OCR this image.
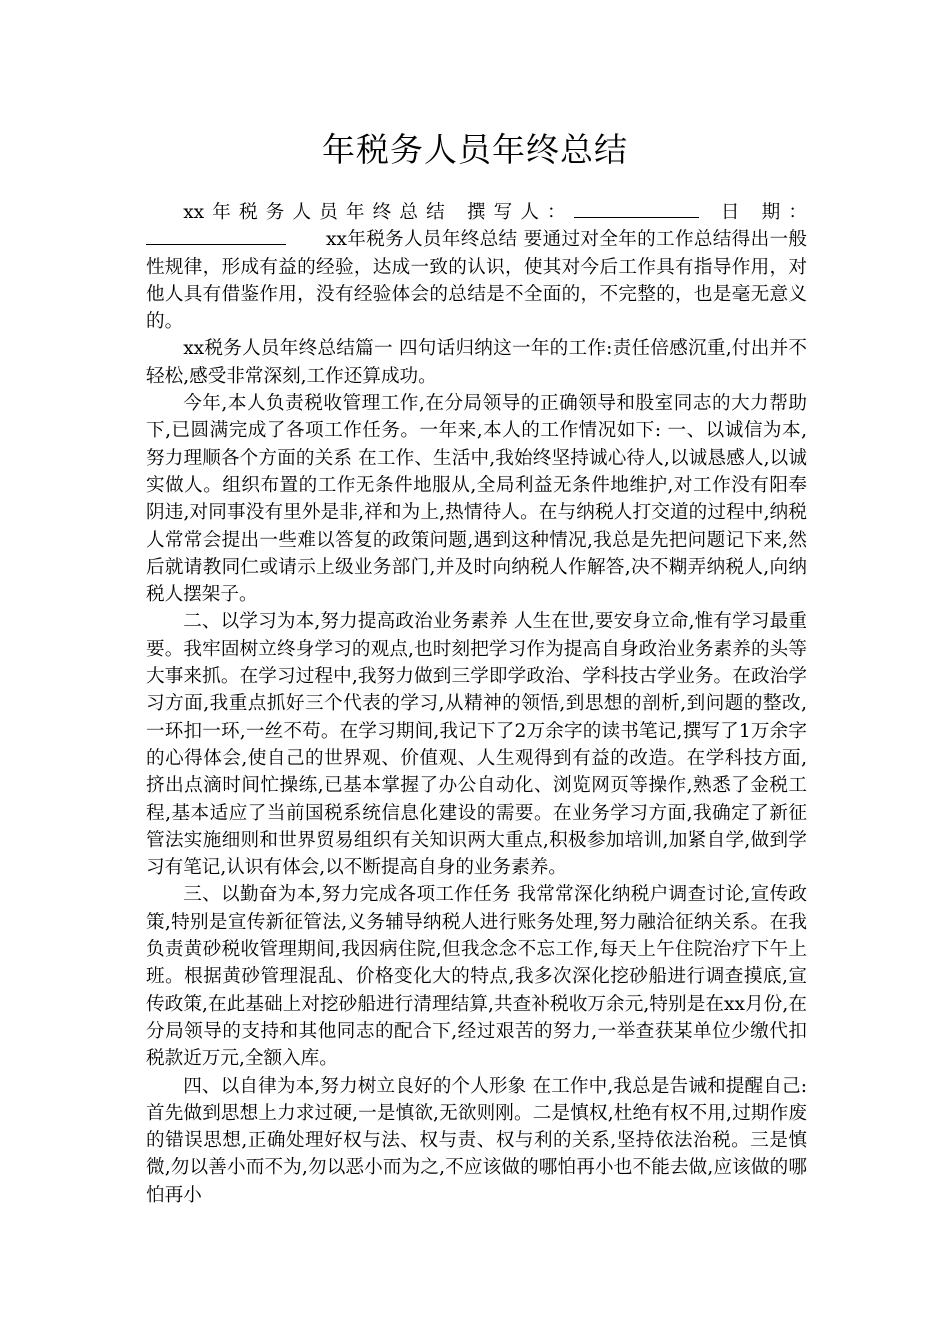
年税务人员年终总结

xx年税务人员年终总结 撰写人：	日 期：xx年税务人员年终总结 要通过对全年的工作总结得出一般性规律，形成有益的经验，达成一致的认识，使其对今后工作具有指导作用，对他人具有借鉴作用，没有经验体会的总结是不全面的，不完整的，也是毫无意义的。

xx税务人员年终总结篇一 四句话归纳这一年的工作:责任倍感沉重,付出并不轻松,感受非常深刻,工作还算成功。

今年,本人负责税收管理工作,在分局领导的正确领导和股室同志的大力帮助下,已圆满完成了各项工作任务。一年来,本人的工作情况如下: 一、以诚信为本,努力理顺各个方面的关系 在工作、生活中,我始终坚持诚心待人,以诚恳感人,以诚实做人。组织布置的工作无条件地服从,全局利益无条件地维护,对工作没有阳奉阴违,对同事没有里外是非,祥和为上,热情待人。在与纳税人打交道的过程中,纳税人常常会提出一些难以答复的政策问题,遇到这种情况,我总是先把问题记下来,然后就请教同仁或请示上级业务部门,并及时向纳税人作解答,决不糊弄纳税人,向纳税人摆架子。

二、以学习为本,努力提高政治业务素养 人生在世,要安身立命,惟有学习最重要。我牢固树立终身学习的观点,也时刻把学习作为提高自身政治业务素养的头等大事来抓。在学习过程中,我努力做到三学即学政治、学科技古学业务。在政治学习方面,我重点抓好三个代表的学习,从精神的领悟,到思想的剖析,到问题的整改,一环扣一环,一丝不苟。在学习期间,我记下了2万余字的读书笔记,撰写了1万余字的心得体会,使自己的世界观、价值观、人生观得到有益的改造。在学科技方面,挤出点滴时间忙操练,已基本掌握了办公自动化、浏览网页等操作,熟悉了金税工程,基本适应了当前国税系统信息化建设的需要。在业务学习方面,我确定了新征管法实施细则和世界贸易组织有关知识两大重点,积极参加培训,加紧自学,做到学习有笔记,认识有体会,以不断提高自身的业务素养。

三、以勤奋为本,努力完成各项工作任务 我常常深化纳税户调查讨论,宣传政策,特别是宣传新征管法,义务辅导纳税人进行账务处理,努力融洽征纳关系。在我负责黄砂税收管理期间,我因病住院,但我念念不忘工作,每天上午住院治疗下午上班。根据黄砂管理混乱、价格变化大的特点,我多次深化挖砂船进行调查摸底,宣传政策,在此基础上对挖砂船进行清理结算,共查补税收万余元,特别是在xx月份,在分局领导的支持和其他同志的配合下,经过艰苦的努力,一举查获某单位少缴代扣税款近万元,全额入库。

四、以自律为本,努力树立良好的个人形象 在工作中,我总是告诫和提醒自己:首先做到思想上力求过硬,一是慎欲,无欲则刚。二是慎权,杜绝有权不用,过期作废的错误思想,正确处理好权与法、权与责、权与利的关系,坚持依法治税。三是慎微,勿以善小而不为,勿以恶小而为之,不应该做的哪怕再小也不能去做,应该做的哪怕再小
